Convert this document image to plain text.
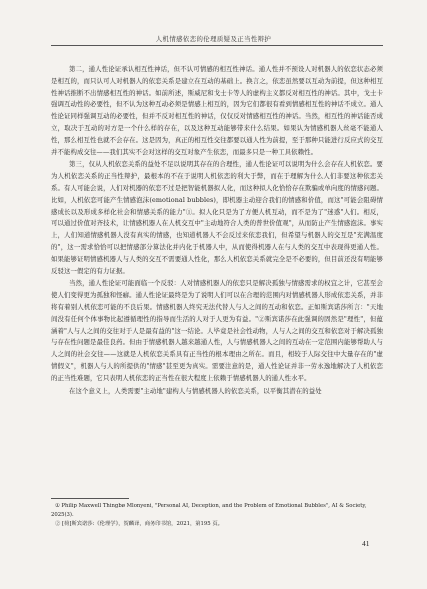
人机情感依恋的伦理质疑及正当性辩护

第二，通人性论证承认相互性神话，但不认可情感的相互性神话。通人性并不预设人对机器人的依恋状态必须是相互的，而只认可人对机器人的依恋关系是建立在互动的基础上。换言之，依恋虽然要以互动为前提，但这种相互性神话推断不出情感相互性的神话。如前所述，斯威尼和戈士卡等人的虚构主义都反对相互性的神话。其中，戈士卡强调互动性的必要性，但不认为这种互动必须是情感上相互的，因为它们都很有看到情感相互性的神话不成立。通人性论证同样强调互动的必要性，但并不反对相互性的神话，仅仅反对情感相互性的神话。当然，相互性的神话能否成立，取决于互动的对方是一个什么样的存在，以及这种互动能够带来什么结果。如果认为情感机器人丝毫不能通人性，那么相互性也就不会存在。这是因为，真正的相互性交往都要以通人性为前提，至于那种只能进行反应式的交互并不能构成交往——我们其实不会对这样的交互对象产生依恋，而最多只是一种工具依赖性。

第三，仅从人机依恋关系的益处不足以说明其存在的合理性，通人性论证可以说明为什么会存在人机依恋。要为人机依恋关系的正当性辩护，最根本的不在于说明人机依恋的利大于弊，而在于理解为什么人们非要这种依恋关系。有人可能会说，人们对机器的依恋不过是把智能机器拟人化，而这种拟人化恰恰存在欺骗或单向度的情感问题。比如，人机依恋可能产生情感泡沫(emotional bubbles)，即机器主动迎合我们的情感和价值，而这"可能会阻碍情感成长以及形成多样化社会和情感关系的能力"①。拟人化只是为了方便人机互动，而不是为了"迷惑"人们。相反，可以通过价值对齐技术，让情感机器人在人机交互中"主动地符合人类的普世价值观"，从而防止产生情感泡沫。事实上，人们知道情感机器人没有真实的情感，也知道机器人不会反过来依恋我们，但希望与机器人的交互是"充满温度的"，这一需求恰恰可以把情感部分算法化并内化于机器人中，从而使得机器人在与人类的交互中表现得更通人性。如果能够证明情感机器人与人类的交互不需要通人性化，那么人机依恋关系就完全是不必要的，但目前还没有明能够反驳这一假定的有力证据。

当然，通人性论证可能面临一个反驳：人对情感机器人的依恋只是解决孤独与情感需求的权宜之计，它甚至会使人们变得更为孤独和怪癖。通人性论证最终是为了说明人们可以在合理的范围内对情感机器人形成依恋关系，并非将有着别人机依恋可能的不良后果。情感机器人终究无法代替人与人之间的互动和依恋。正如斯宾诺莎所言："天地间没有任何个体事物比起遵循理性的指导而生活的人对于人更为有益。"②斯宾诺莎在此强调的固然是"理性"，但蕴涵着"人与人之间的交往对于人是最有益的"这一结论。人毕竟是社会性动物，人与人之间的交互和依恋对于解决孤独与存在性问题是最佳良药。但由于情感机器人越来越通人性，人与情感机器人之间的互动在一定范围内能够帮助人与人之间的社会交往——这就是人机依恋关系具有正当性的根本理由之所在。而且，相较于人际交往中大量存在的"虚情假义"，机器人与人的所提供的"情感"甚至更为真实。需要注意的是，通人性论证并非一劳永逸地解决了人机依恋的正当性难题，它只表明人机依恋的正当性在很大程度上依赖于情感机器人的通人性水平。

在这个意义上，人类需要"主动地"建构人与情感机器人的依恋关系，以平衡其潜在的益处

① Philip Maxwell Thingbø Mlonyeni, "Personal AI, Deception, and the Problem of Emotional Bubbles", AI & Society, 2025(3).

② [荷]斯宾诺莎:《伦理学》，贺麟译，商务印书馆，2021，第195 页。

41
